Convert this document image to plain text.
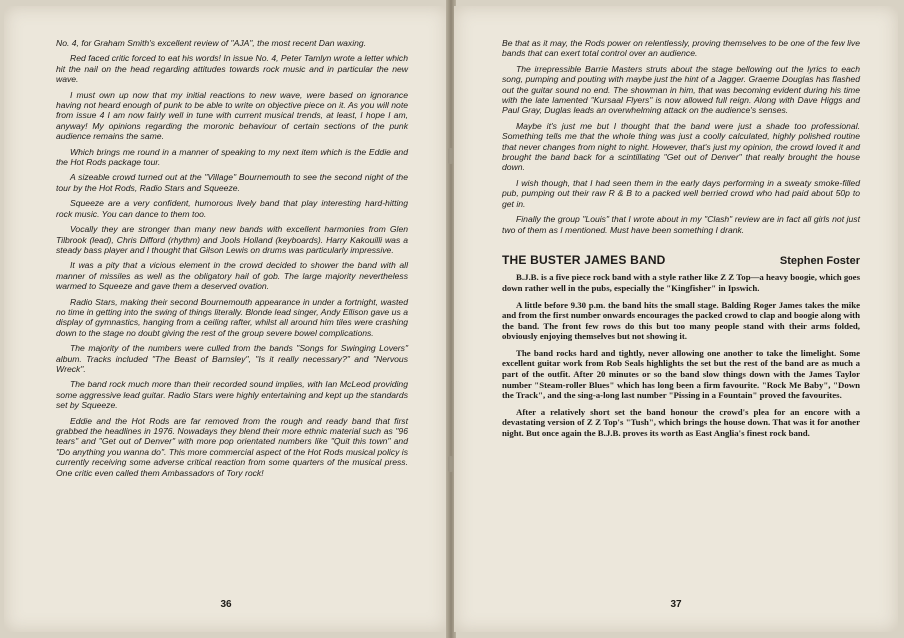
No. 4, for Graham Smith's excellent review of "AJA", the most recent Dan waxing.

Red faced critic forced to eat his words! In issue No. 4, Peter Tamlyn wrote a letter which hit the nail on the head regarding attitudes towards rock music and in particular the new wave.

I must own up now that my initial reactions to new wave, were based on ignorance having not heard enough of punk to be able to write on objective piece on it. As you will note from issue 4 I am now fairly well in tune with current musical trends, at least, I hope I am, anyway! My opinions regarding the moronic behaviour of certain sections of the punk audience remains the same.

Which brings me round in a manner of speaking to my next item which is the Eddie and the Hot Rods package tour.

A sizeable crowd turned out at the "Village" Bournemouth to see the second night of the tour by the Hot Rods, Radio Stars and Squeeze.

Squeeze are a very confident, humorous lively band that play interesting hard-hitting rock music. You can dance to them too.

Vocally they are stronger than many new bands with excellent harmonies from Glen Tilbrook (lead), Chris Difford (rhythm) and Jools Holland (keyboards). Harry Kakouilli was a steady bass player and I thought that Gilson Lewis on drums was particularly impressive.

It was a pity that a vicious element in the crowd decided to shower the band with all manner of missiles as well as the obligatory hail of gob. The large majority nevertheless warmed to Squeeze and gave them a deserved ovation.

Radio Stars, making their second Bournemouth appearance in under a fortnight, wasted no time in getting into the swing of things literally. Blonde lead singer, Andy Ellison gave us a display of gymnastics, hanging from a ceiling rafter, whilst all around him tiles were crashing down to the stage no doubt giving the rest of the group severe bowel complications.

The majority of the numbers were culled from the bands "Songs for Swinging Lovers" album. Tracks included "The Beast of Barnsley", "Is it really necessary?" and "Nervous Wreck".

The band rock much more than their recorded sound implies, with Ian McLeod providing some aggressive lead guitar. Radio Stars were highly entertaining and kept up the standards set by Squeeze.

Eddie and the Hot Rods are far removed from the rough and ready band that first grabbed the headlines in 1976. Nowadays they blend their more ethnic material such as "96 tears" and "Get out of Denver" with more pop orientated numbers like "Quit this town" and "Do anything you wanna do". This more commercial aspect of the Hot Rods musical policy is currently receiving some adverse critical reaction from some quarters of the musical press. One critic even called them Ambassadors of Tory rock!

36

Be that as it may, the Rods power on relentlessly, proving themselves to be one of the few live bands that can exert total control over an audience.

The irrepressible Barrie Masters struts about the stage bellowing out the lyrics to each song, pumping and pouting with maybe just the hint of a Jagger. Graeme Douglas has flashed out the guitar sound no end. The showman in him, that was becoming evident during his time with the late lamented "Kursaal Flyers" is now allowed full reign. Along with Dave Higgs and Paul Gray, Duglas leads an overwhelming attack on the audience's senses.

Maybe it's just me but I thought that the band were just a shade too professional. Something tells me that the whole thing was just a coolly calculated, highly polished routine that never changes from night to night. However, that's just my opinion, the crowd loved it and brought the band back for a scintillating "Get out of Denver" that really brought the house down.

I wish though, that I had seen them in the early days performing in a sweaty smoke-filled pub, pumping out their raw R & B to a packed well berried crowd who had paid about 50p to get in.

Finally the group "Louis" that I wrote about in my "Clash" review are in fact all girls not just two of them as I mentioned. Must have been something I drank.

THE BUSTER JAMES BAND	Stephen Foster

B.J.B. is a five piece rock band with a style rather like Z Z Top—a heavy boogie, which goes down rather well in the pubs, especially the "Kingfisher" in Ipswich.

A little before 9.30 p.m. the band hits the small stage. Balding Roger James takes the mike and from the first number onwards encourages the packed crowd to clap and boogie along with the band. The front few rows do this but too many people stand with their arms folded, obviously enjoying themselves but not showing it.

The band rocks hard and tightly, never allowing one another to take the limelight. Some excellent guitar work from Rob Seals highlights the set but the rest of the band are as much a part of the outfit. After 20 minutes or so the band slow things down with the James Taylor number "Steam-roller Blues" which has long been a firm favourite. "Rock Me Baby", "Down the Track", and the sing-a-long last number "Pissing in a Fountain" proved the favourites.

After a relatively short set the band honour the crowd's plea for an encore with a devastating version of Z Z Top's "Tush", which brings the house down. That was it for another night. But once again the B.J.B. proves its worth as East Anglia's finest rock band.

37
